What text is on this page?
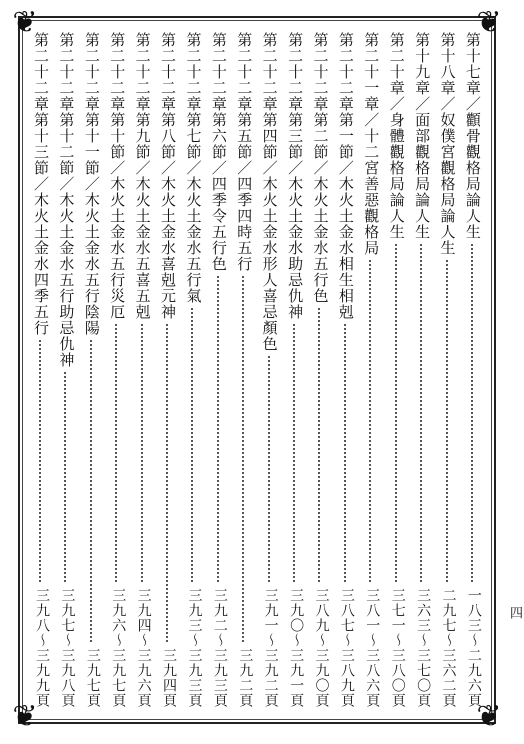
❦	❦
❦	❦
四
第十七章／顴骨觀格局論人生
一八三～二九六頁
第十八章／奴僕宮觀格局論人生
二九七～三六二頁
第十九章／面部觀格局論人生
三六三～三七〇頁
第二十章／身體觀格局論人生
三七一～三八〇頁
第二十一章／十二宮善惡觀格局
三八一～三八六頁
第二十二章第一節／木火土金水相生相剋
三八七～三八九頁
第二十二章第二節／木火土金水五行色
三八九～三九〇頁
第二十二章第三節／木火土金水助忌仇神
三九〇～三九一頁
第二十二章第四節／木火土金水形人喜忌顏色
三九一～三九二頁
第二十二章第五節／四季四時五行
三九二頁
第二十二章第六節／四季令五行色
三九二～三九三頁
第二十二章第七節／木火土金水五行氣
三九三～三九三頁
第二十二章第八節／木火土金水喜剋元神
三九四頁
第二十二章第九節／木火土金水五喜五剋
三九四～三九六頁
第二十二章第十節／木火土金水五行災厄
三九六～三九七頁
第二十二章第十一節／木火土金水五行陰陽
三九七頁
第二十二章第十二節／木火土金水五行助忌仇神
三九七～三九八頁
第二十二章第十三節／木火土金水四季五行
三九八～三九九頁
